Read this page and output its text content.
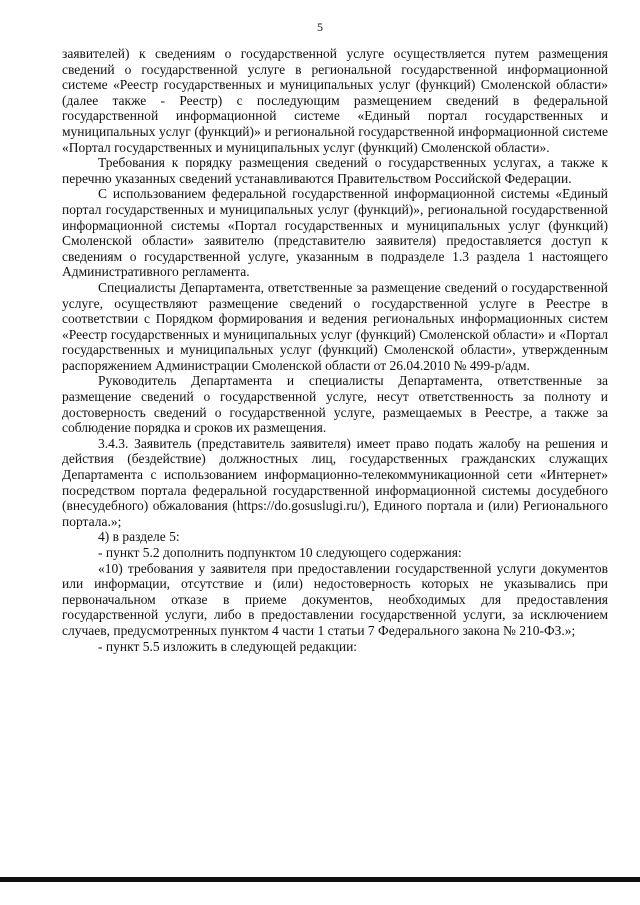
5

заявителей) к сведениям о государственной услуге осуществляется путем размещения сведений о государственной услуге в региональной государственной информационной системе «Реестр государственных и муниципальных услуг (функций) Смоленской области» (далее также - Реестр) с последующим размещением сведений в федеральной государственной информационной системе «Единый портал государственных и муниципальных услуг (функций)» и региональной государственной информационной системе «Портал государственных и муниципальных услуг (функций) Смоленской области».

Требования к порядку размещения сведений о государственных услугах, а также к перечню указанных сведений устанавливаются Правительством Российской Федерации.

С использованием федеральной государственной информационной системы «Единый портал государственных и муниципальных услуг (функций)», региональной государственной информационной системы «Портал государственных и муниципальных услуг (функций) Смоленской области» заявителю (представителю заявителя) предоставляется доступ к сведениям о государственной услуге, указанным в подразделе 1.3 раздела 1 настоящего Административного регламента.

Специалисты Департамента, ответственные за размещение сведений о государственной услуге, осуществляют размещение сведений о государственной услуге в Реестре в соответствии с Порядком формирования и ведения региональных информационных систем «Реестр государственных и муниципальных услуг (функций) Смоленской области» и «Портал государственных и муниципальных услуг (функций) Смоленской области», утвержденным распоряжением Администрации Смоленской области от 26.04.2010 № 499-р/адм.

Руководитель Департамента и специалисты Департамента, ответственные за размещение сведений о государственной услуге, несут ответственность за полноту и достоверность сведений о государственной услуге, размещаемых в Реестре, а также за соблюдение порядка и сроков их размещения.

3.4.3. Заявитель (представитель заявителя) имеет право подать жалобу на решения и действия (бездействие) должностных лиц, государственных гражданских служащих Департамента с использованием информационно-телекоммуникационной сети «Интернет» посредством портала федеральной государственной информационной системы досудебного (внесудебного) обжалования (https://do.gosuslugi.ru/), Единого портала и (или) Регионального портала.»;

4) в разделе 5:

- пункт 5.2 дополнить подпунктом 10 следующего содержания:

«10) требования у заявителя при предоставлении государственной услуги документов или информации, отсутствие и (или) недостоверность которых не указывались при первоначальном отказе в приеме документов, необходимых для предоставления государственной услуги, либо в предоставлении государственной услуги, за исключением случаев, предусмотренных пунктом 4 части 1 статьи 7 Федерального закона № 210-ФЗ.»;

- пункт 5.5 изложить в следующей редакции:
